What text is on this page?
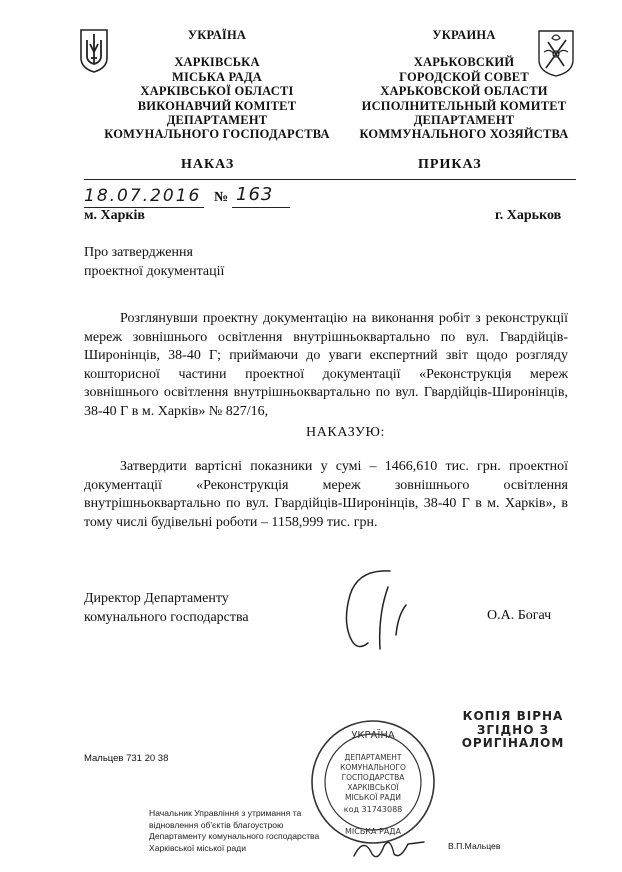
УКРАЇНА
ХАРКІВСЬКА
МІСЬКА РАДА
ХАРКІВСЬКОЇ ОБЛАСТІ
ВИКОНАВЧИЙ КОМІТЕТ
ДЕПАРТАМЕНТ
КОМУНАЛЬНОГО ГОСПОДАРСТВА
УКРАИНА
ХАРЬКОВСКИЙ
ГОРОДСКОЙ СОВЕТ
ХАРЬКОВСКОЙ ОБЛАСТИ
ИСПОЛНИТЕЛЬНЫЙ КОМИТЕТ
ДЕПАРТАМЕНТ
КОММУНАЛЬНОГО ХОЗЯЙСТВА
НАКАЗ	ПРИКАЗ
18.07.2016 № 163
м. Харків	г. Харьков
Про затвердження
проектної документації

Розглянувши проектну документацію на виконання робіт з реконструкції мереж зовнішнього освітлення внутрішньоквартально по вул. Гвардійців-Широнінців, 38-40 Г; приймаючи до уваги експертний звіт щодо розгляду кошторисної частини проектної документації «Реконструкція мереж зовнішнього освітлення внутрішньоквартально по вул. Гвардійців-Широнінців, 38-40 Г в м. Харків» № 827/16,

НАКАЗУЮ:

Затвердити вартісні показники у сумі – 1466,610 тис. грн. проектної документації «Реконструкція мереж зовнішнього освітлення внутрішньоквартально по вул. Гвардійців-Широнінців, 38-40 Г в м. Харків», в тому числі будівельні роботи – 1158,999 тис. грн.

Директор Департаменту
комунального господарства	О.А. Богач
КОПІЯ ВІРНА
ЗГІДНО З
ОРИГІНАЛОМ
Мальцев 731 20 38
УКРАЇНА
ДЕПАРТАМЕНТ
КОМУНАЛЬНОГО
ГОСПОДАРСТВА
ХАРКІВСЬКОЇ
МІСЬКОЇ РАДИ
код 31743088
МІСЬКА РАДА
Начальник Управління з утримання та
відновлення об'єктів благоустрою
Департаменту комунального господарства
Харківської міської ради	В.П.Мальцев
